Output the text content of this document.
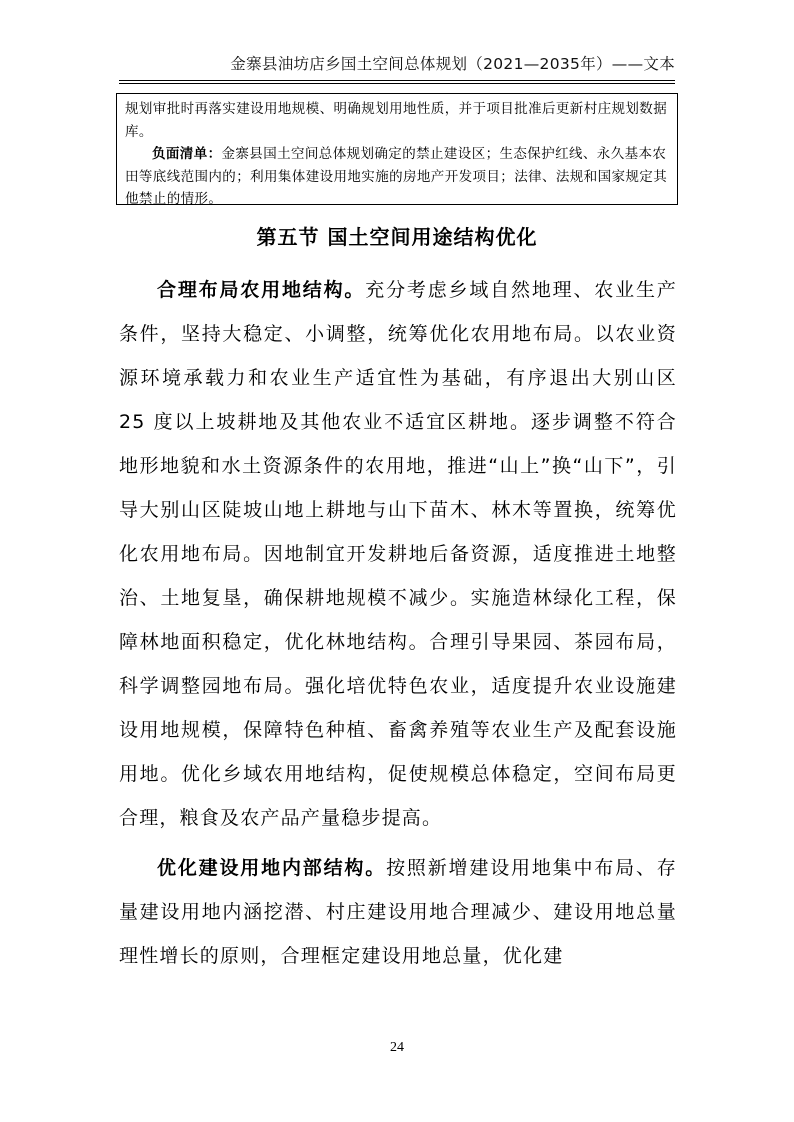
金寨县油坊店乡国土空间总体规划（2021—2035年）——文本

规划审批时再落实建设用地规模、明确规划用地性质，并于项目批准后更新村庄规划数据库。

负面清单：金寨县国土空间总体规划确定的禁止建设区；生态保护红线、永久基本农田等底线范围内的；利用集体建设用地实施的房地产开发项目；法律、法规和国家规定其他禁止的情形。

第五节 国土空间用途结构优化

合理布局农用地结构。充分考虑乡域自然地理、农业生产条件，坚持大稳定、小调整，统筹优化农用地布局。以农业资源环境承载力和农业生产适宜性为基础，有序退出大别山区 25 度以上坡耕地及其他农业不适宜区耕地。逐步调整不符合地形地貌和水土资源条件的农用地，推进“山上”换“山下”，引导大别山区陡坡山地上耕地与山下苗木、林木等置换，统筹优化农用地布局。因地制宜开发耕地后备资源，适度推进土地整治、土地复垦，确保耕地规模不减少。实施造林绿化工程，保障林地面积稳定，优化林地结构。合理引导果园、茶园布局，科学调整园地布局。强化培优特色农业，适度提升农业设施建设用地规模，保障特色种植、畜禽养殖等农业生产及配套设施用地。优化乡域农用地结构，促使规模总体稳定，空间布局更合理，粮食及农产品产量稳步提高。

优化建设用地内部结构。按照新增建设用地集中布局、存量建设用地内涵挖潜、村庄建设用地合理减少、建设用地总量理性增长的原则，合理框定建设用地总量，优化建

24
